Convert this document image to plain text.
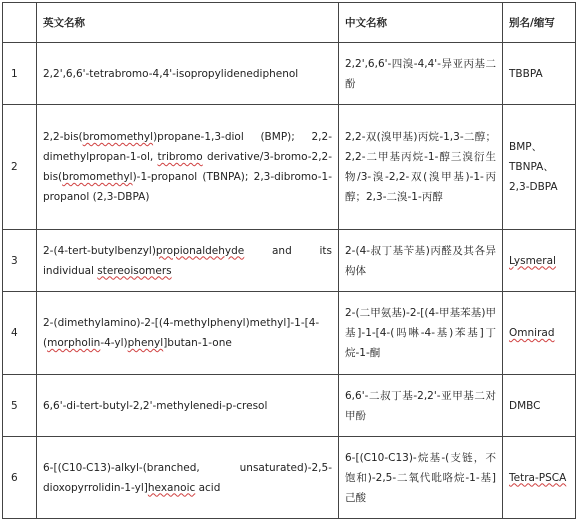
	英文名称	中文名称	别名/缩写
1	2,2',6,6'-tetrabromo-4,4'-isopropylidenediphenol	2,2',6,6'-四溴-4,4'-异亚丙基二酚	TBBPA
2	2,2-bis(bromomethyl)propane-1,3-diol (BMP); 2,2-dimethylpropan-1-ol, tribromo derivative/3-bromo-2,2-bis(bromomethyl)-1-propanol (TBNPA); 2,3-dibromo-1-propanol (2,3-DBPA)	2,2-双(溴甲基)丙烷-1,3-二醇；2,2-二甲基丙烷-1-醇三溴衍生物/3-溴-2,2-双(溴甲基)-1-丙醇；2,3-二溴-1-丙醇	BMP、TBNPA、2,3-DBPA
3	2-(4-tert-butylbenzyl)propionaldehyde and its individual stereoisomers	2-(4-叔丁基苄基)丙醛及其各异构体	Lysmeral
4	2-(dimethylamino)-2-[(4-methylphenyl)methyl]-1-[4-(morpholin-4-yl)phenyl]butan-1-one	2-(二甲氨基)-2-[(4-甲基苯基)甲基]-1-[4-(吗啉-4-基)苯基]丁烷-1-酮	Omnirad
5	6,6'-di-tert-butyl-2,2'-methylenedi-p-cresol	6,6'-二叔丁基-2,2'-亚甲基二对甲酚	DMBC
6	6-[(C10-C13)-alkyl-(branched, unsaturated)-2,5-dioxopyrrolidin-1-yl]hexanoic acid	6-[(C10-C13)-烷基-(支链，不饱和)-2,5-二氧代吡咯烷-1-基]己酸	Tetra-PSCA
